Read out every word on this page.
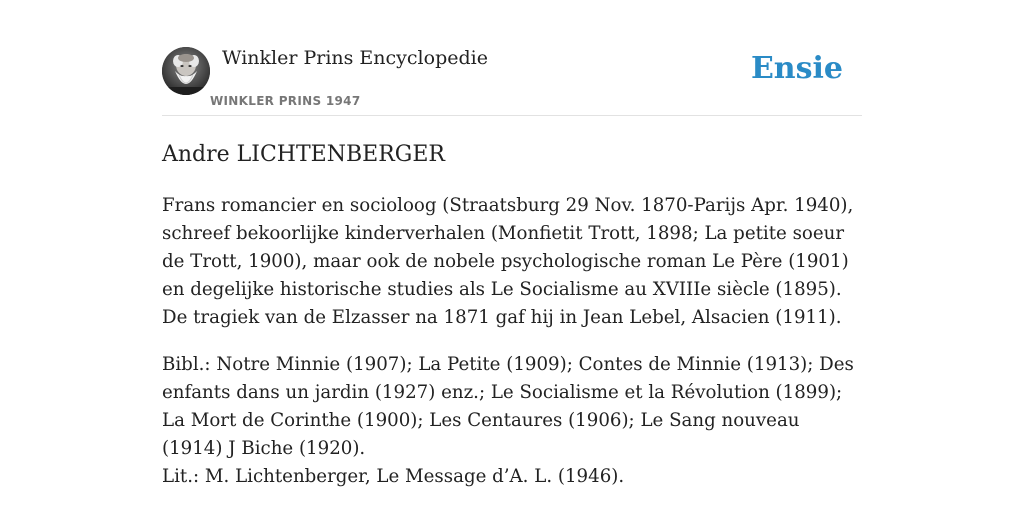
Winkler Prins Encyclopedie
WINKLER PRINS 1947
Ensie
Andre LICHTENBERGER

Frans romancier en socioloog (Straatsburg 29 Nov. 1870-Parijs Apr. 1940), schreef bekoorlijke kinderverhalen (Monfietit Trott, 1898; La petite soeur de Trott, 1900), maar ook de nobele psychologische roman Le Père (1901) en degelijke historische studies als Le Socialisme au XVIIIe siècle (1895). De tragiek van de Elzasser na 1871 gaf hij in Jean Lebel, Alsacien (1911).

Bibl.: Notre Minnie (1907); La Petite (1909); Contes de Minnie (1913); Des enfants dans un jardin (1927) enz.; Le Socialisme et la Révolution (1899); La Mort de Corinthe (1900); Les Centaures (1906); Le Sang nouveau (1914) J Biche (1920).

Lit.: M. Lichtenberger, Le Message d’A. L. (1946).
